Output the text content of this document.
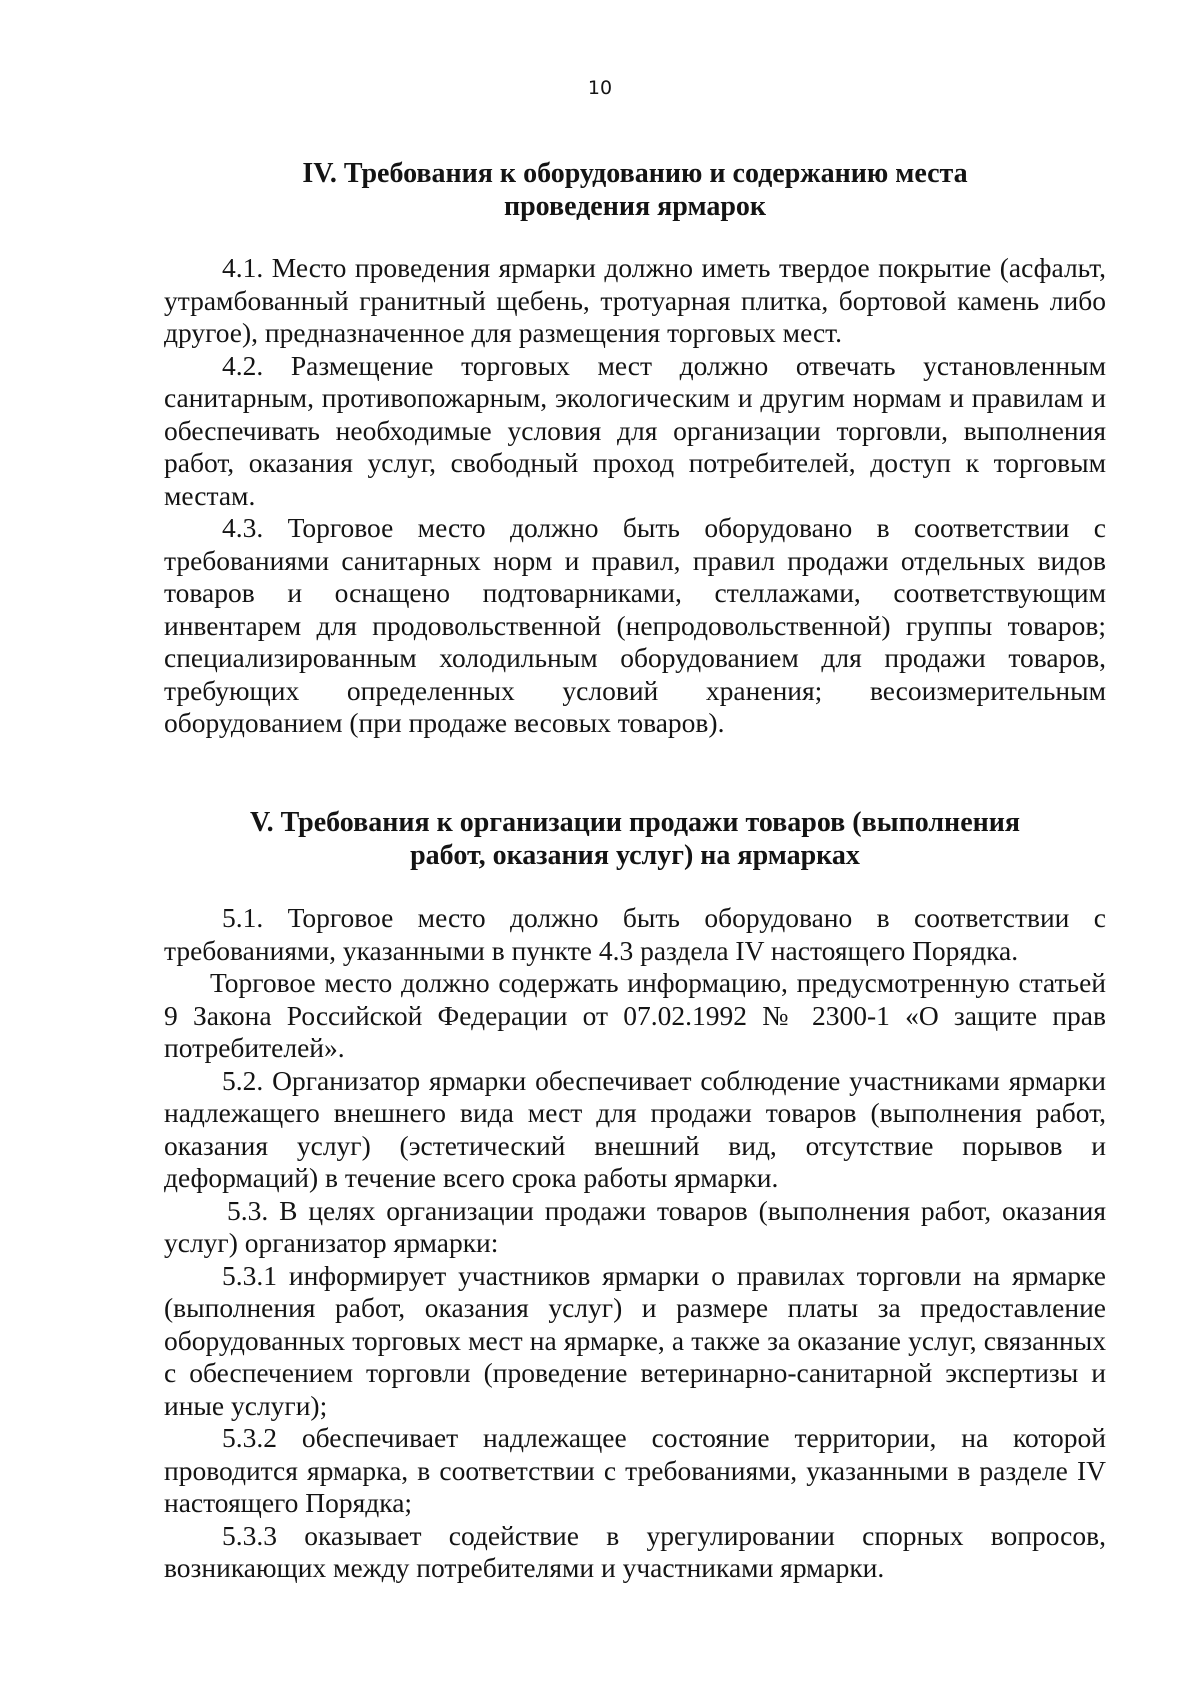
10
IV. Требования к оборудованию и содержанию места
проведения ярмарок

4.1. Место проведения ярмарки должно иметь твердое покрытие (асфальт, утрамбованный гранитный щебень, тротуарная плитка, бортовой камень либо другое), предназначенное для размещения торговых мест.

4.2. Размещение торговых мест должно отвечать установленным санитарным, противопожарным, экологическим и другим нормам и правилам и обеспечивать необходимые условия для организации торговли, выполнения работ, оказания услуг, свободный проход потребителей, доступ к торговым местам.

4.3. Торговое место должно быть оборудовано в соответствии с требованиями санитарных норм и правил, правил продажи отдельных видов товаров и оснащено подтоварниками, стеллажами, соответствующим инвентарем для продовольственной (непродовольственной) группы товаров; специализированным холодильным оборудованием для продажи товаров, требующих определенных условий хранения; весоизмерительным оборудованием (при продаже весовых товаров).

V. Требования к организации продажи товаров (выполнения
работ, оказания услуг) на ярмарках

5.1. Торговое место должно быть оборудовано в соответствии с требованиями, указанными в пункте 4.3 раздела IV настоящего Порядка.

Торговое место должно содержать информацию, предусмотренную статьей 9 Закона Российской Федерации от 07.02.1992 № 2300-1 «О защите прав потребителей».

5.2. Организатор ярмарки обеспечивает соблюдение участниками ярмарки надлежащего внешнего вида мест для продажи товаров (выполнения работ, оказания услуг) (эстетический внешний вид, отсутствие порывов и деформаций) в течение всего срока работы ярмарки.

5.3. В целях организации продажи товаров (выполнения работ, оказания услуг) организатор ярмарки:

5.3.1 информирует участников ярмарки о правилах торговли на ярмарке (выполнения работ, оказания услуг) и размере платы за предоставление оборудованных торговых мест на ярмарке, а также за оказание услуг, связанных с обеспечением торговли (проведение ветеринарно-санитарной экспертизы и иные услуги);

5.3.2 обеспечивает надлежащее состояние территории, на которой проводится ярмарка, в соответствии с требованиями, указанными в разделе IV настоящего Порядка;

5.3.3 оказывает содействие в урегулировании спорных вопросов, возникающих между потребителями и участниками ярмарки.
